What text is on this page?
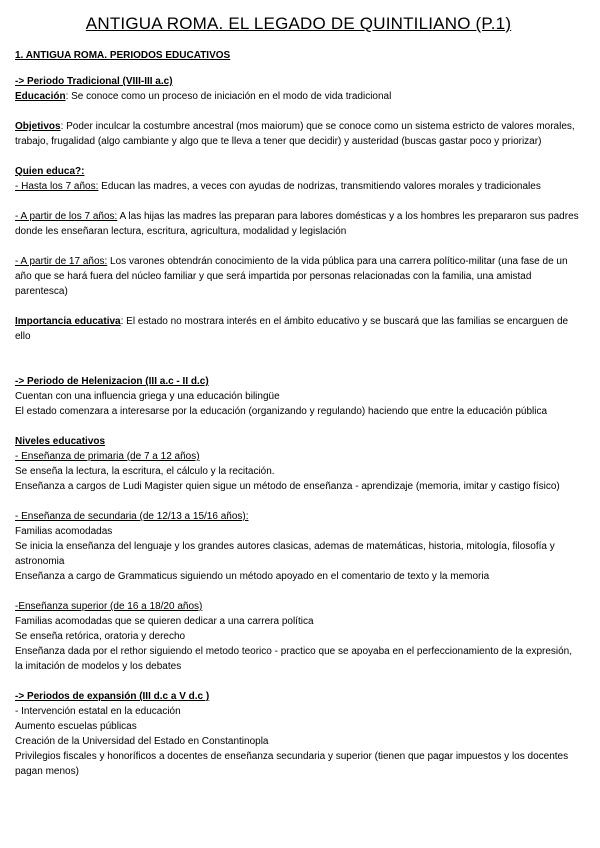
ANTIGUA ROMA. EL LEGADO DE QUINTILIANO (P.1)
1. ANTIGUA ROMA. PERIODOS EDUCATIVOS
-> Periodo Tradicional (VIII-III a.c)

Educación: Se conoce como un proceso de iniciación en el modo de vida tradicional

Objetivos: Poder inculcar la costumbre ancestral (mos maiorum) que se conoce como un sistema estricto de valores morales, trabajo, frugalidad (algo cambiante y algo que te lleva a tener que decidir) y austeridad (buscas gastar poco y priorizar)

Quien educa?:

- Hasta los 7 años: Educan las madres, a veces con ayudas de nodrizas, transmitiendo valores morales y tradicionales

- A partir de los 7 años: A las hijas las madres las preparan para labores domésticas y a los hombres les prepararon sus padres donde les enseñaran lectura, escritura, agricultura, modalidad y legislación

- A partir de 17 años: Los varones obtendrán conocimiento de la vida pública para una carrera político-militar (una fase de un año que se hará fuera del núcleo familiar y que será impartida por personas relacionadas con la familia, una amistad parentesca)

Importancia educativa: El estado no mostrara interés en el ámbito educativo y se buscará que las familias se encarguen de ello

-> Periodo de Helenizacion (III a.c - II d.c)

Cuentan con una influencia griega y una educación bilingüe

El estado comenzara a interesarse por la educación (organizando y regulando) haciendo que entre la educación pública

Niveles educativos

- Enseñanza de primaria (de 7 a 12 años)

Se enseña la lectura, la escritura, el cálculo y la recitación.

Enseñanza a cargos de Ludi Magister quien sigue un método de enseñanza - aprendizaje (memoria, imitar y castigo físico)

- Enseñanza de secundaria (de 12/13 a 15/16 años):

Familias acomodadas

Se inicia la enseñanza del lenguaje y los grandes autores clasicas, ademas de matemáticas, historia, mitología, filosofía y astronomia

Enseñanza a cargo de Grammaticus siguiendo un método apoyado en el comentario de texto y la memoria

-Enseñanza superior (de 16 a 18/20 años)

Familias acomodadas que se quieren dedicar a una carrera política

Se enseña retórica, oratoria y derecho

Enseñanza dada por el rethor siguiendo el metodo teorico - practico que se apoyaba en el perfeccionamiento de la expresión, la imitación de modelos y los debates

-> Periodos de expansión (III d.c a V d.c )

- Intervención estatal en la educación

Aumento escuelas públicas

Creación de la Universidad del Estado en Constantinopla

Privilegios fiscales y honoríficos a docentes de enseñanza secundaria y superior (tienen que pagar impuestos y los docentes pagan menos)
